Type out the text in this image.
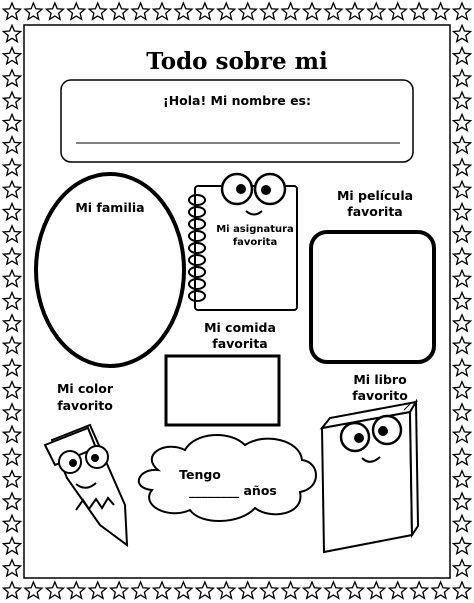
Todo sobre mi
¡Hola! Mi nombre es:
Mi familia
Mi asignatura
favorita
Mi película
favorita
Mi comida
favorita
Mi color
favorito
Mi libro
favorito
Tengo
________ años
